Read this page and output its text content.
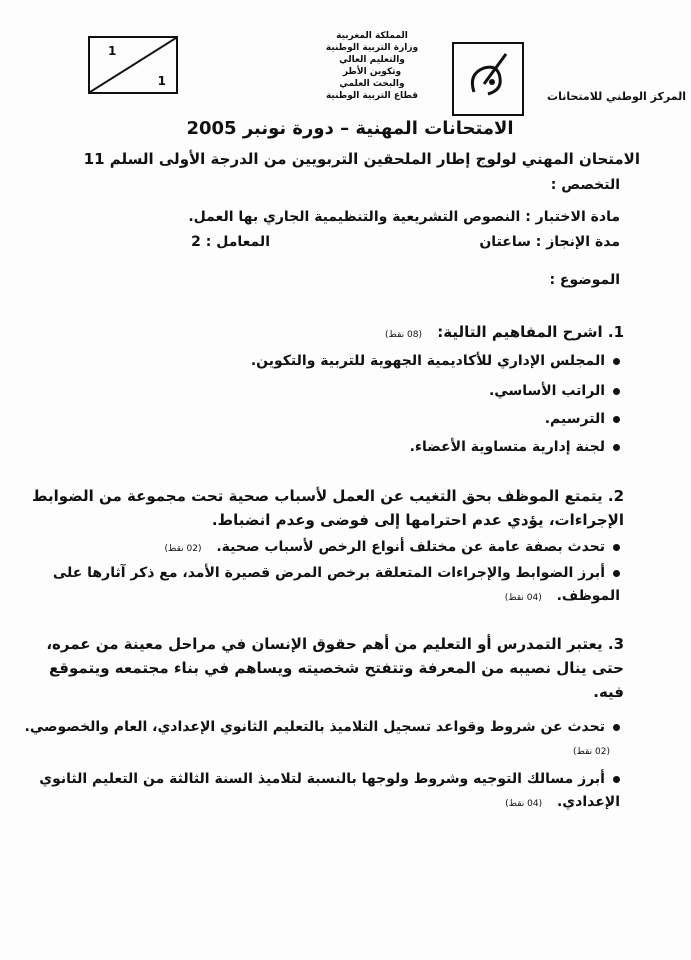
1
1
المملكة المغربية
وزارة التربية الوطنية
والتعليم العالي
وتكوين الأطر
والبحث العلمي
قطاع التربية الوطنية	المركز الوطني للامتحانات
الامتحانات المهنية – دورة نونبر 2005
الامتحان المهني لولوج إطار الملحقين التربويين من الدرجة الأولى السلم 11
التخصص :
مادة الاختبار : النصوص التشريعية والتنظيمية الجاري بها العمل.
مدة الإنجاز : ساعتان
المعامل : 2
الموضوع :
1. اشرح المفاهيم التالية: (08 نقط)
المجلس الإداري للأكاديمية الجهوية للتربية والتكوين.
الراتب الأساسي.
الترسيم.
لجنة إدارية متساوية الأعضاء.
2. يتمتع الموظف بحق التغيب عن العمل لأسباب صحية تحت مجموعة من الضوابط الإجراءات، يؤدي عدم احترامها إلى فوضى وعدم انضباط.
تحدث بصفة عامة عن مختلف أنواع الرخص لأسباب صحية. (02 نقط)
أبرز الضوابط والإجراءات المتعلقة برخص المرض قصيرة الأمد، مع ذكر آثارها على الموظف. (04 نقط)
3. يعتبر التمدرس أو التعليم من أهم حقوق الإنسان في مراحل معينة من عمره، حتى ينال نصيبه من المعرفة وتتفتح شخصيته ويساهم في بناء مجتمعه ويتموقع فيه.
تحدث عن شروط وقواعد تسجيل التلاميذ بالتعليم الثانوي الإعدادي، العام والخصوصي. (02 نقط)
أبرز مسالك التوجيه وشروط ولوجها بالنسبة لتلاميذ السنة الثالثة من التعليم الثانوي الإعدادي. (04 نقط)
